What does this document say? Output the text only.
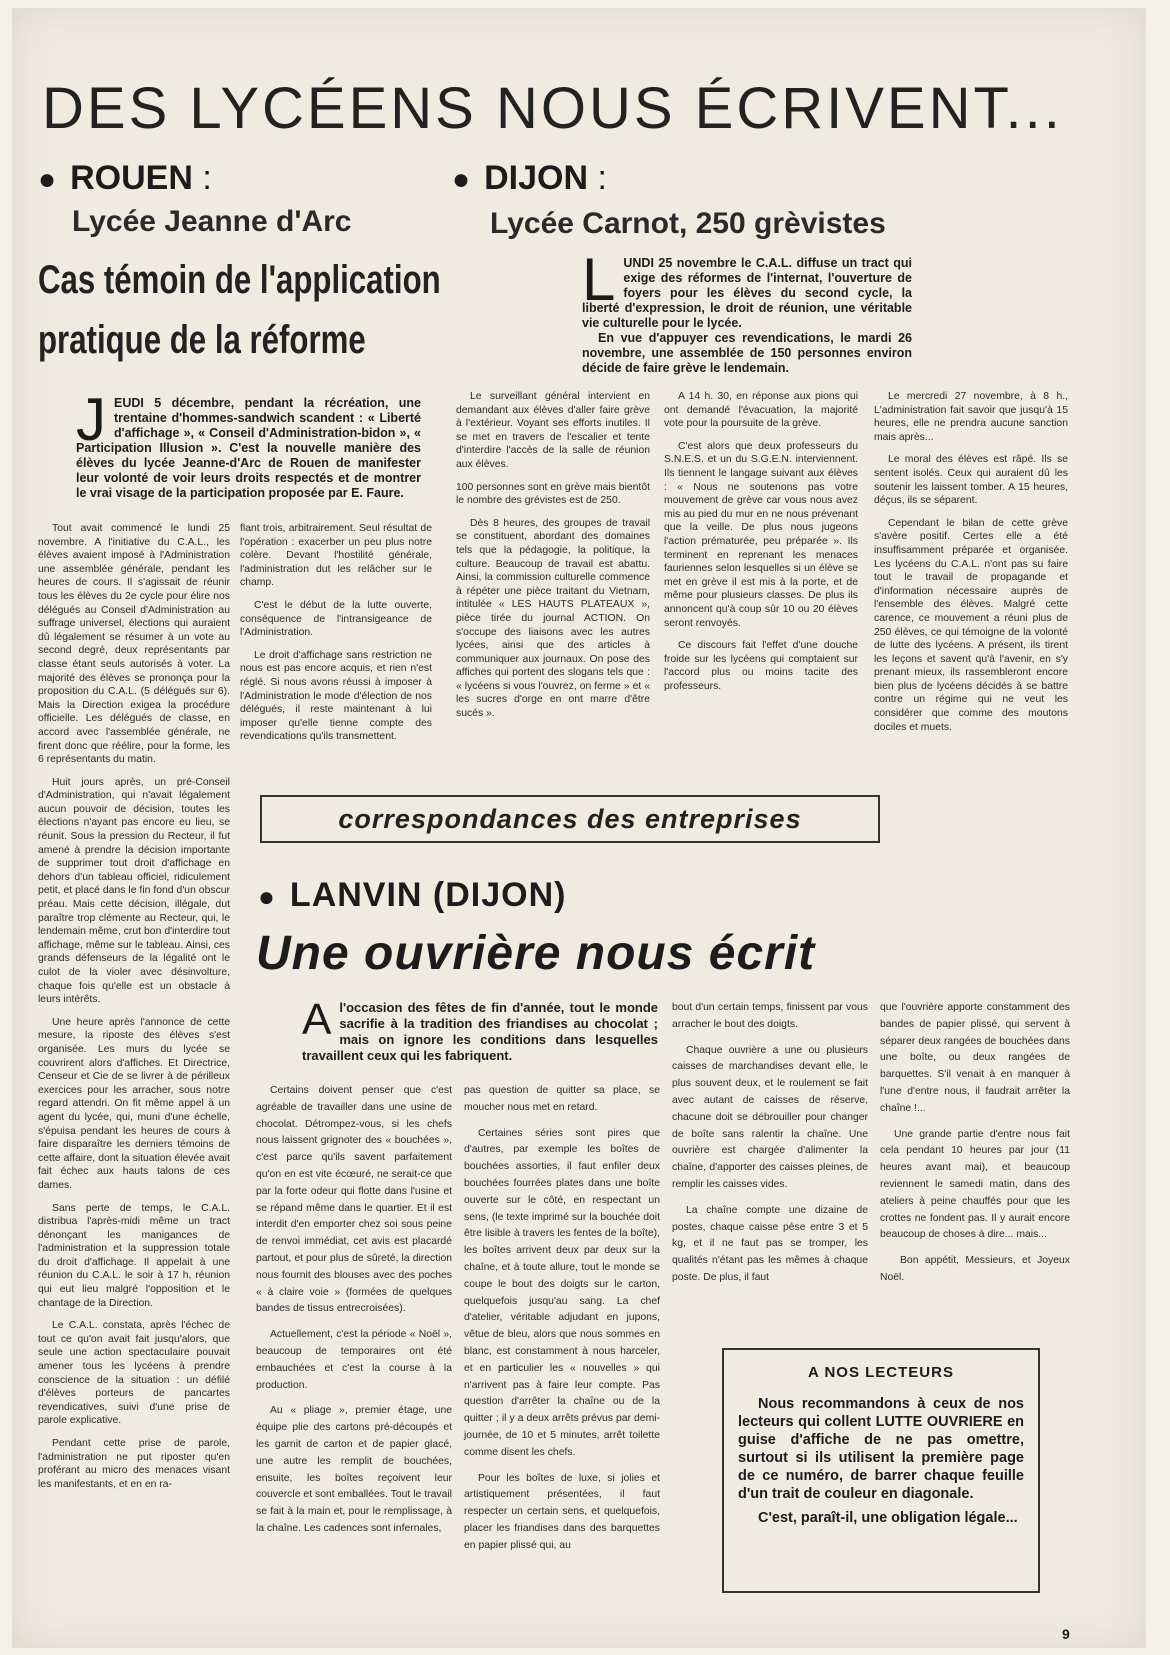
DES LYCÉENS NOUS ÉCRIVENT...
● ROUEN :
Lycée Jeanne d'Arc
Cas témoin de l'application
pratique de la réforme
JEUDI 5 décembre, pendant la récréation, une trentaine d'hommes-sandwich scandent : « Liberté d'affichage », « Conseil d'Administration-bidon », « Participation Illusion ». C'est la nouvelle manière des élèves du lycée Jeanne-d'Arc de Rouen de manifester leur volonté de voir leurs droits respectés et de montrer le vrai visage de la participation proposée par E. Faure.

Tout avait commencé le lundi 25 novembre. A l'initiative du C.A.L., les élèves avaient imposé à l'Administration une assemblée générale, pendant les heures de cours. Il s'agissait de réunir tous les élèves du 2e cycle pour élire nos délégués au Conseil d'Administration au suffrage universel, élections qui auraient dû légalement se résumer à un vote au second degré, deux représentants par classe étant seuls autorisés à voter. La majorité des élèves se prononça pour la proposition du C.A.L. (5 délégués sur 6). Mais la Direction exigea la procédure officielle. Les délégués de classe, en accord avec l'assemblée générale, ne firent donc que réélire, pour la forme, les 6 représentants du matin.

Huit jours après, un pré-Conseil d'Administration, qui n'avait légalement aucun pouvoir de décision, toutes les élections n'ayant pas encore eu lieu, se réunit. Sous la pression du Recteur, il fut amené à prendre la décision importante de supprimer tout droit d'affichage en dehors d'un tableau officiel, ridiculement petit, et placé dans le fin fond d'un obscur préau. Mais cette décision, illégale, dut paraître trop clémente au Recteur, qui, le lendemain même, crut bon d'interdire tout affichage, même sur le tableau. Ainsi, ces grands défenseurs de la légalité ont le culot de la violer avec désinvolture, chaque fois qu'elle est un obstacle à leurs intérêts.

Une heure après l'annonce de cette mesure, la riposte des élèves s'est organisée. Les murs du lycée se couvrirent alors d'affiches. Et Directrice, Censeur et Cie de se livrer à de périlleux exercices pour les arracher, sous notre regard attendri. On fit même appel à un agent du lycée, qui, muni d'une échelle, s'épuisa pendant les heures de cours à faire disparaître les derniers témoins de cette affaire, dont la situation élevée avait fait échec aux hauts talons de ces dames.

Sans perte de temps, le C.A.L. distribua l'après-midi même un tract dénonçant les manigances de l'administration et la suppression totale du droit d'affichage. Il appelait à une réunion du C.A.L. le soir à 17 h, réunion qui eut lieu malgré l'opposition et le chantage de la Direction.

Le C.A.L. constata, après l'échec de tout ce qu'on avait fait jusqu'alors, que seule une action spectaculaire pouvait amener tous les lycéens à prendre conscience de la situation : un défilé d'élèves porteurs de pancartes revendicatives, suivi d'une prise de parole explicative.

Pendant cette prise de parole, l'administration ne put riposter qu'en proférant au micro des menaces visant les manifestants, et en en ra-

flant trois, arbitrairement. Seul résultat de l'opération : exacerber un peu plus notre colère. Devant l'hostilité générale, l'administration dut les relâcher sur le champ.

C'est le début de la lutte ouverte, conséquence de l'intransigeance de l'Administration.

Le droit d'affichage sans restriction ne nous est pas encore acquis, et rien n'est réglé. Si nous avons réussi à imposer à l'Administration le mode d'élection de nos délégués, il reste maintenant à lui imposer qu'elle tienne compte des revendications qu'ils transmettent.

● DIJON :
Lycée Carnot, 250 grèvistes
LUNDI 25 novembre le C.A.L. diffuse un tract qui exige des réformes de l'internat, l'ouverture de foyers pour les élèves du second cycle, la liberté d'expression, le droit de réunion, une véritable vie culturelle pour le lycée.
En vue d'appuyer ces revendications, le mardi 26 novembre, une assemblée de 150 personnes environ décide de faire grève le lendemain.

Le surveillant général intervient en demandant aux élèves d'aller faire grève à l'extérieur. Voyant ses efforts inutiles. Il se met en travers de l'escalier et tente d'interdire l'accès de la salle de réunion aux élèves.

100 personnes sont en grève mais bientôt le nombre des grévistes est de 250.

Dès 8 heures, des groupes de travail se constituent, abordant des domaines tels que la pédagogie, la politique, la culture. Beaucoup de travail est abattu. Ainsi, la commission culturelle commence à répéter une pièce traitant du Vietnam, intitulée « LES HAUTS PLATEAUX », pièce tirée du journal ACTION. On s'occupe des liaisons avec les autres lycées, ainsi que des articles à communiquer aux journaux. On pose des affiches qui portent des slogans tels que : « lycéens si vous l'ouvrez, on ferme » et « les sucres d'orge en ont marre d'être sucés ».

A 14 h. 30, en réponse aux pions qui ont demandé l'évacuation, la majorité vote pour la poursuite de la grève.

C'est alors que deux professeurs du S.N.E.S. et un du S.G.E.N. interviennent. Ils tiennent le langage suivant aux élèves : « Nous ne soutenons pas votre mouvement de grève car vous nous avez mis au pied du mur en ne nous prévenant que la veille. De plus nous jugeons l'action prématurée, peu préparée ». Ils terminent en reprenant les menaces fauriennes selon lesquelles si un élève se met en grève il est mis à la porte, et de même pour plusieurs classes. De plus ils annoncent qu'à coup sûr 10 ou 20 élèves seront renvoyés.

Ce discours fait l'effet d'une douche froide sur les lycéens qui comptaient sur l'accord plus ou moins tacite des professeurs.

Le mercredi 27 novembre, à 8 h., L'administration fait savoir que jusqu'à 15 heures, elle ne prendra aucune sanction mais après...

Le moral des élèves est râpé. Ils se sentent isolés. Ceux qui auraient dû les soutenir les laissent tomber. A 15 heures, déçus, ils se séparent.

Cependant le bilan de cette grève s'avère positif. Certes elle a été insuffisamment préparée et organisée. Les lycéens du C.A.L. n'ont pas su faire tout le travail de propagande et d'information nécessaire auprès de l'ensemble des élèves. Malgré cette carence, ce mouvement a réuni plus de 250 élèves, ce qui témoigne de la volonté de lutte des lycéens. A présent, ils tirent les leçons et savent qu'à l'avenir, en s'y prenant mieux, ils rassembleront encore bien plus de lycéens décidés à se battre contre un régime qui ne veut les considérer que comme des moutons dociles et muets.

correspondances des entreprises
● LANVIN (DIJON)
Une ouvrière nous écrit
Al'occasion des fêtes de fin d'année, tout le monde sacrifie à la tradition des friandises au chocolat ; mais on ignore les conditions dans lesquelles travaillent ceux qui les fabriquent.

Certains doivent penser que c'est agréable de travailler dans une usine de chocolat. Détrompez-vous, si les chefs nous laissent grignoter des « bouchées », c'est parce qu'ils savent parfaitement qu'on en est vite écœuré, ne serait-ce que par la forte odeur qui flotte dans l'usine et se répand même dans le quartier. Et il est interdit d'en emporter chez soi sous peine de renvoi immédiat, cet avis est placardé partout, et pour plus de sûreté, la direction nous fournit des blouses avec des poches « à claire voie » (formées de quelques bandes de tissus entrecroisées).

Actuellement, c'est la période « Noël », beaucoup de temporaires ont été embauchées et c'est la course à la production.

Au « pliage », premier étage, une équipe plie des cartons pré-découpés et les garnit de carton et de papier glacé, une autre les remplit de bouchées, ensuite, les boîtes reçoivent leur couvercle et sont emballées. Tout le travail se fait à la main et, pour le remplissage, à la chaîne. Les cadences sont infernales,

pas question de quitter sa place, se moucher nous met en retard.

Certaines séries sont pires que d'autres, par exemple les boîtes de bouchées assorties, il faut enfiler deux bouchées fourrées plates dans une boîte ouverte sur le côté, en respectant un sens, (le texte imprimé sur la bouchée doit être lisible à travers les fentes de la boîte), les boîtes arrivent deux par deux sur la chaîne, et à toute allure, tout le monde se coupe le bout des doigts sur le carton, quelquefois jusqu'au sang. La chef d'atelier, véritable adjudant en jupons, vêtue de bleu, alors que nous sommes en blanc, est constamment à nous harceler, et en particulier les « nouvelles » qui n'arrivent pas à faire leur compte. Pas question d'arrêter la chaîne ou de la quitter ; il y a deux arrêts prévus par demi-journée, de 10 et 5 minutes, arrêt toilette comme disent les chefs.

Pour les boîtes de luxe, si jolies et artistiquement présentées, il faut respecter un certain sens, et quelquefois, placer les friandises dans des barquettes en papier plissé qui, au

bout d'un certain temps, finissent par vous arracher le bout des doigts.

Chaque ouvrière a une ou plusieurs caisses de marchandises devant elle, le plus souvent deux, et le roulement se fait avec autant de caisses de réserve, chacune doit se débrouiller pour changer de boîte sans ralentir la chaîne. Une ouvrière est chargée d'alimenter la chaîne, d'apporter des caisses pleines, de remplir les caisses vides.

La chaîne compte une dizaine de postes, chaque caisse pèse entre 3 et 5 kg, et il ne faut pas se tromper, les qualités n'étant pas les mêmes à chaque poste. De plus, il faut

que l'ouvrière apporte constamment des bandes de papier plissé, qui servent à séparer deux rangées de bouchées dans une boîte, ou deux rangées de barquettes. S'il venait à en manquer à l'une d'entre nous, il faudrait arrêter la chaîne !...

Une grande partie d'entre nous fait cela pendant 10 heures par jour (11 heures avant mai), et beaucoup reviennent le samedi matin, dans des ateliers à peine chauffés pour que les crottes ne fondent pas. Il y aurait encore beaucoup de choses à dire... mais...

Bon appétit, Messieurs, et Joyeux Noël.

A NOS LECTEURS

Nous recommandons à ceux de nos lecteurs qui collent LUTTE OUVRIERE en guise d'affiche de ne pas omettre, surtout si ils utilisent la première page de ce numéro, de barrer chaque feuille d'un trait de couleur en diagonale.

C'est, paraît-il, une obligation légale...

9
